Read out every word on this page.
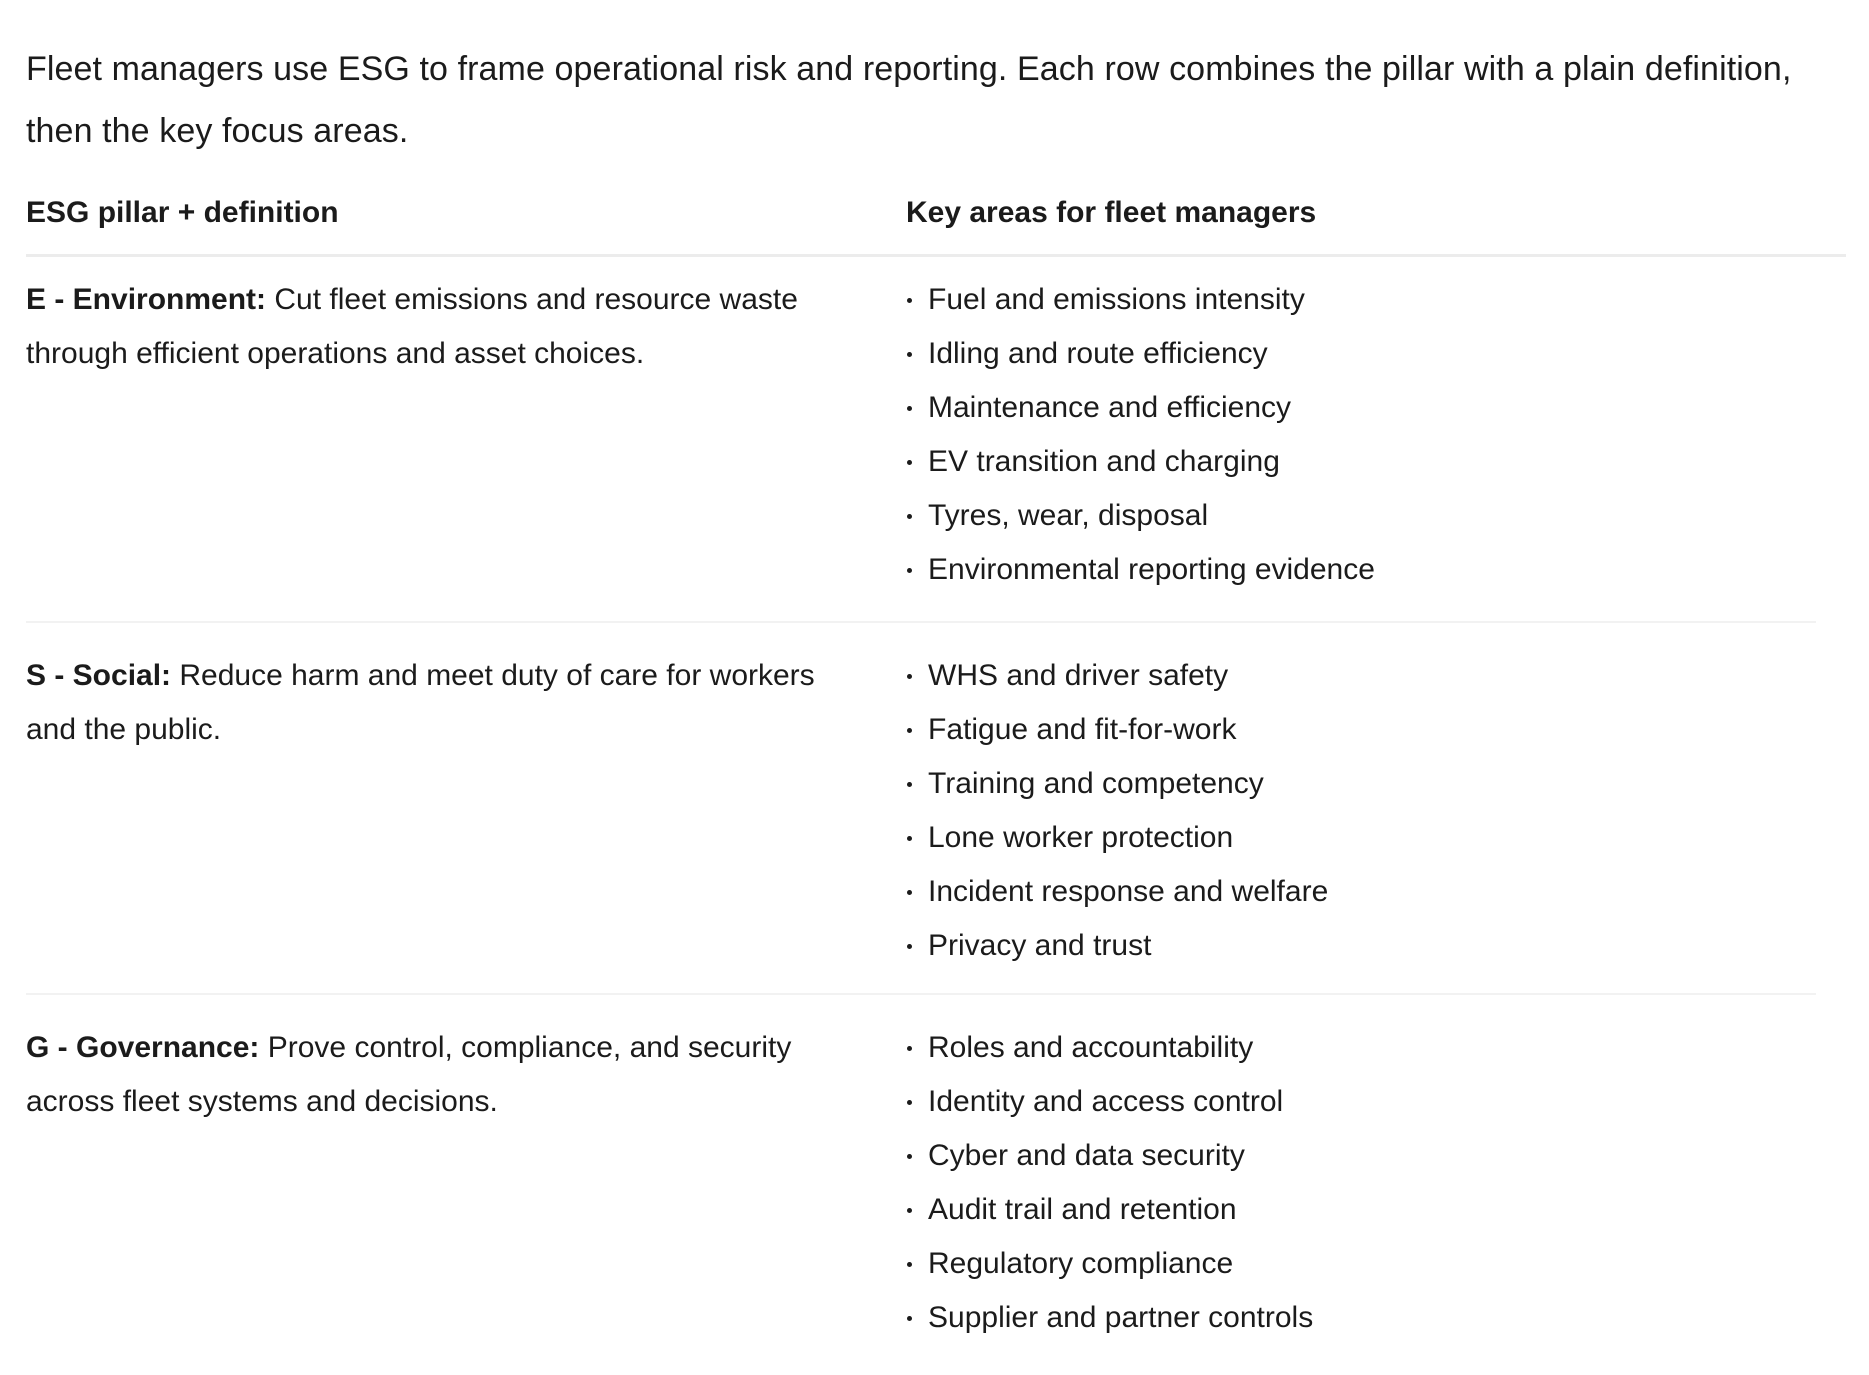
Fleet managers use ESG to frame operational risk and reporting. Each row combines the pillar with a plain definition, then the key focus areas.

ESG pillar + definition	Key areas for fleet managers
E - Environment: Cut fleet emissions and resource waste through efficient operations and asset choices.
Fuel and emissions intensity
Idling and route efficiency
Maintenance and efficiency
EV transition and charging
Tyres, wear, disposal
Environmental reporting evidence
S - Social: Reduce harm and meet duty of care for workers and the public.
WHS and driver safety
Fatigue and fit-for-work
Training and competency
Lone worker protection
Incident response and welfare
Privacy and trust
G - Governance: Prove control, compliance, and security across fleet systems and decisions.
Roles and accountability
Identity and access control
Cyber and data security
Audit trail and retention
Regulatory compliance
Supplier and partner controls
